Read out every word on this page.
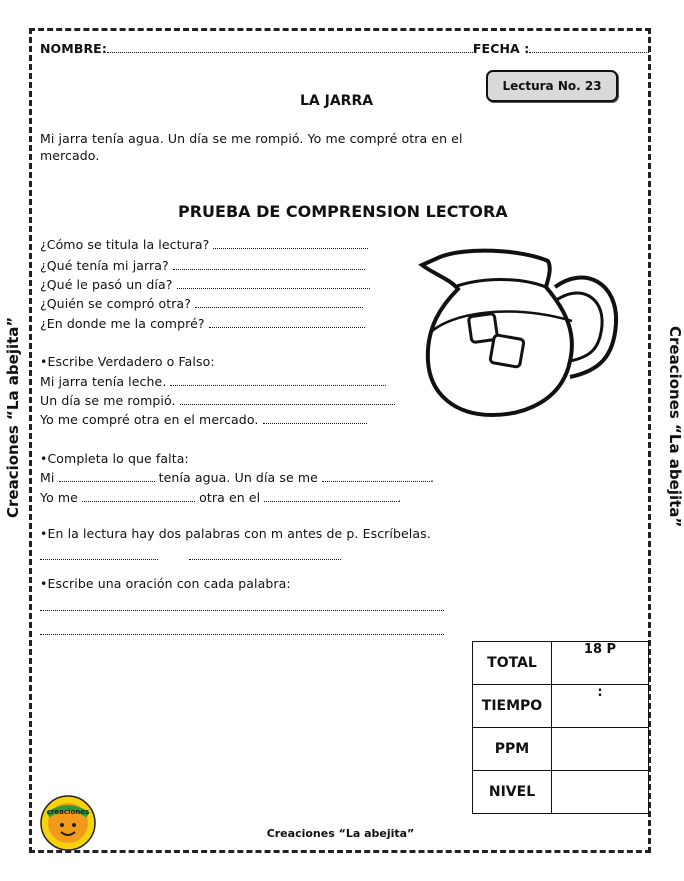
Creaciones “La abejita”	Creaciones “La abejita”
NOMBRE:	FECHA :
Lectura No. 23
LA JARRA
Mi jarra tenía agua. Un día se me rompió. Yo me compré otra en el
mercado.
PRUEBA DE COMPRENSION LECTORA
¿Cómo se titula la lectura?
¿Qué tenía mi jarra?
¿Qué le pasó un día?
¿Quién se compró otra?
¿En donde me la compré?
•Escribe Verdadero o Falso:
Mi jarra tenía leche.
Un día se me rompió.
Yo me compré otra en el mercado.
•Completa lo que falta:
Mi	tenía agua. Un día se me	.
Yo me	otra en el	.
•En la lectura hay dos palabras con m antes de p. Escríbelas.

•Escribe una oración con cada palabra:
TOTAL	18 P
TIEMPO	:
PPM	
NIVEL	
creaciones
Creaciones “La abejita”
